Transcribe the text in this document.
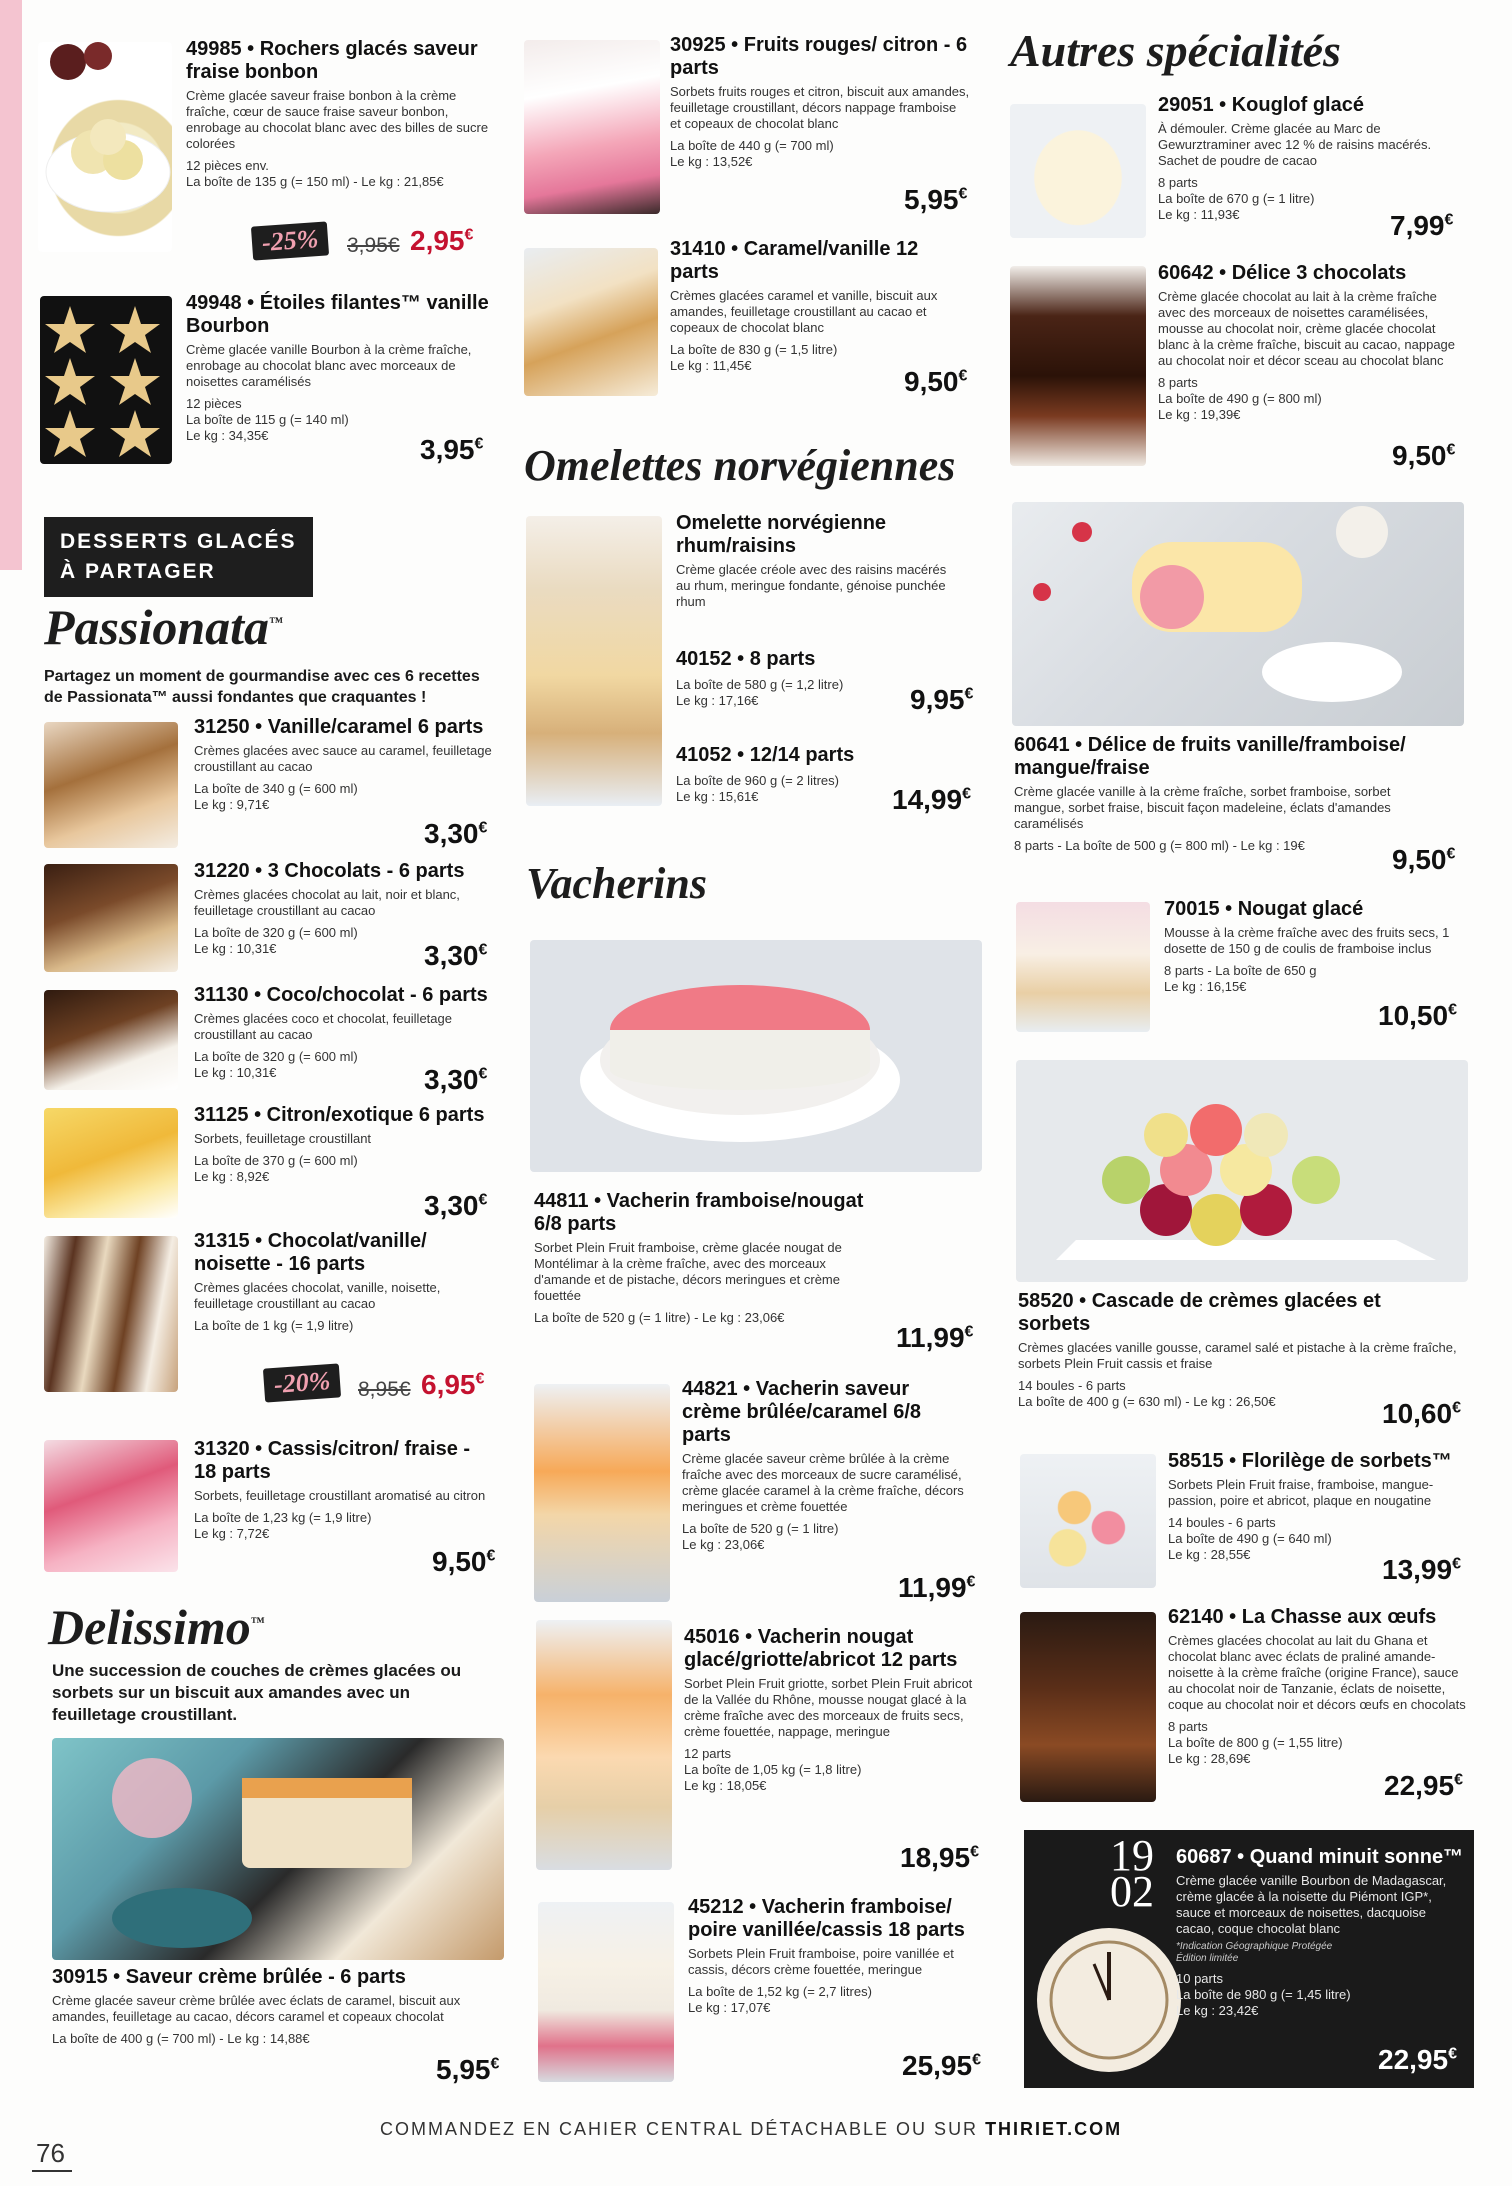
49985 • Rochers glacés saveur fraise bonbon

Crème glacée saveur fraise bonbon à la crème fraîche, cœur de sauce fraise saveur bonbon, enrobage au chocolat blanc avec des billes de sucre colorées

12 pièces env.

La boîte de 135 g (= 150 ml) - Le kg : 21,85€

-25%	3,95€ 2,95€

49948 • Étoiles filantes™ vanille Bourbon

Crème glacée vanille Bourbon à la crème fraîche, enrobage au chocolat blanc avec morceaux de noisettes caramélisés

12 pièces

La boîte de 115 g (= 140 ml)

Le kg : 34,35€	3,95€
DESSERTS GLACÉS
À PARTAGER
Passionata™
Partagez un moment de gourmandise avec ces 6 recettes de Passionata™ aussi fondantes que craquantes !

31250 • Vanille/caramel 6 parts

Crèmes glacées avec sauce au caramel, feuilletage croustillant au cacao

La boîte de 340 g (= 600 ml)

Le kg : 9,71€

3,30€

31220 • 3 Chocolats - 6 parts

Crèmes glacées chocolat au lait, noir et blanc, feuilletage croustillant au cacao

La boîte de 320 g (= 600 ml)

Le kg : 10,31€	3,30€

31130 • Coco/chocolat - 6 parts

Crèmes glacées coco et chocolat, feuilletage croustillant au cacao

La boîte de 320 g (= 600 ml)

Le kg : 10,31€	3,30€

31125 • Citron/exotique 6 parts

Sorbets, feuilletage croustillant

La boîte de 370 g (= 600 ml)

Le kg : 8,92€

3,30€

31315 • Chocolat/vanille/ noisette - 16 parts

Crèmes glacées chocolat, vanille, noisette, feuilletage croustillant au cacao

La boîte de 1 kg (= 1,9 litre)

-20%	8,95€ 6,95€

31320 • Cassis/citron/ fraise - 18 parts

Sorbets, feuilletage croustillant aromatisé au citron

La boîte de 1,23 kg (= 1,9 litre)

Le kg : 7,72€

9,50€
Delissimo™
Une succession de couches de crèmes glacées ou sorbets sur un biscuit aux amandes avec un feuilletage croustillant.

30915 • Saveur crème brûlée - 6 parts

Crème glacée saveur crème brûlée avec éclats de caramel, biscuit aux amandes, feuilletage au cacao, décors caramel et copeaux chocolat

La boîte de 400 g (= 700 ml) - Le kg : 14,88€

5,95€

30925 • Fruits rouges/ citron - 6 parts

Sorbets fruits rouges et citron, biscuit aux amandes, feuilletage croustillant, décors nappage framboise et copeaux de chocolat blanc

La boîte de 440 g (= 700 ml)

Le kg : 13,52€

5,95€

31410 • Caramel/vanille 12 parts

Crèmes glacées caramel et vanille, biscuit aux amandes, feuilletage croustillant au cacao et copeaux de chocolat blanc

La boîte de 830 g (= 1,5 litre)

Le kg : 11,45€

9,50€
Omelettes norvégiennes

Omelette norvégienne rhum/raisins

Crème glacée créole avec des raisins macérés au rhum, meringue fondante, génoise punchée rhum

40152 • 8 parts

La boîte de 580 g (= 1,2 litre)

Le kg : 17,16€	9,95€

41052 • 12/14 parts

La boîte de 960 g (= 2 litres)

Le kg : 15,61€	14,99€
Vacherins

44811 • Vacherin framboise/nougat 6/8 parts

Sorbet Plein Fruit framboise, crème glacée nougat de Montélimar à la crème fraîche, avec des morceaux d'amande et de pistache, décors meringues et crème fouettée

La boîte de 520 g (= 1 litre) - Le kg : 23,06€

11,99€

44821 • Vacherin saveur crème brûlée/caramel 6/8 parts

Crème glacée saveur crème brûlée à la crème fraîche avec des morceaux de sucre caramélisé, crème glacée caramel à la crème fraîche, décors meringues et crème fouettée

La boîte de 520 g (= 1 litre)

Le kg : 23,06€

11,99€

45016 • Vacherin nougat glacé/griotte/abricot 12 parts

Sorbet Plein Fruit griotte, sorbet Plein Fruit abricot de la Vallée du Rhône, mousse nougat glacé à la crème fraîche avec des morceaux de fruits secs, crème fouettée, nappage, meringue

12 parts

La boîte de 1,05 kg (= 1,8 litre)

Le kg : 18,05€

18,95€

45212 • Vacherin framboise/ poire vanillée/cassis 18 parts

Sorbets Plein Fruit framboise, poire vanillée et cassis, décors crème fouettée, meringue

La boîte de 1,52 kg (= 2,7 litres)

Le kg : 17,07€

25,95€
Autres spécialités

29051 • Kouglof glacé

À démouler. Crème glacée au Marc de Gewurztraminer avec 12 % de raisins macérés. Sachet de poudre de cacao

8 parts

La boîte de 670 g (= 1 litre)

Le kg : 11,93€	7,99€

60642 • Délice 3 chocolats

Crème glacée chocolat au lait à la crème fraîche avec des morceaux de noisettes caramélisées, mousse au chocolat noir, crème glacée chocolat blanc à la crème fraîche, biscuit au cacao, nappage au chocolat noir et décor sceau au chocolat blanc

8 parts

La boîte de 490 g (= 800 ml)

Le kg : 19,39€

9,50€

60641 • Délice de fruits vanille/framboise/ mangue/fraise

Crème glacée vanille à la crème fraîche, sorbet framboise, sorbet mangue, sorbet fraise, biscuit façon madeleine, éclats d'amandes caramélisés

8 parts - La boîte de 500 g (= 800 ml) - Le kg : 19€	9,50€

70015 • Nougat glacé

Mousse à la crème fraîche avec des fruits secs, 1 dosette de 150 g de coulis de framboise inclus

8 parts - La boîte de 650 g

Le kg : 16,15€

10,50€

58520 • Cascade de crèmes glacées et sorbets

Crèmes glacées vanille gousse, caramel salé et pistache à la crème fraîche, sorbets Plein Fruit cassis et fraise

14 boules - 6 parts

La boîte de 400 g (= 630 ml) - Le kg : 26,50€	10,60€

58515 • Florilège de sorbets™

Sorbets Plein Fruit fraise, framboise, mangue-passion, poire et abricot, plaque en nougatine

14 boules - 6 parts

La boîte de 490 g (= 640 ml)

Le kg : 28,55€	13,99€

62140 • La Chasse aux œufs

Crèmes glacées chocolat au lait du Ghana et chocolat blanc avec éclats de praliné amande-noisette à la crème fraîche (origine France), sauce au chocolat noir de Tanzanie, éclats de noisette, coque au chocolat noir et décors œufs en chocolats

8 parts

La boîte de 800 g (= 1,55 litre)

Le kg : 28,69€

22,95€
19
02

60687 • Quand minuit sonne™

Crème glacée vanille Bourbon de Madagascar, crème glacée à la noisette du Piémont IGP*, sauce et morceaux de noisettes, dacquoise cacao, coque chocolat blanc

*Indication Géographique Protégée

Édition limitée

10 parts

La boîte de 980 g (= 1,45 litre)

Le kg : 23,42€

22,95€
76
COMMANDEZ EN CAHIER CENTRAL DÉTACHABLE OU SUR THIRIET.COM
